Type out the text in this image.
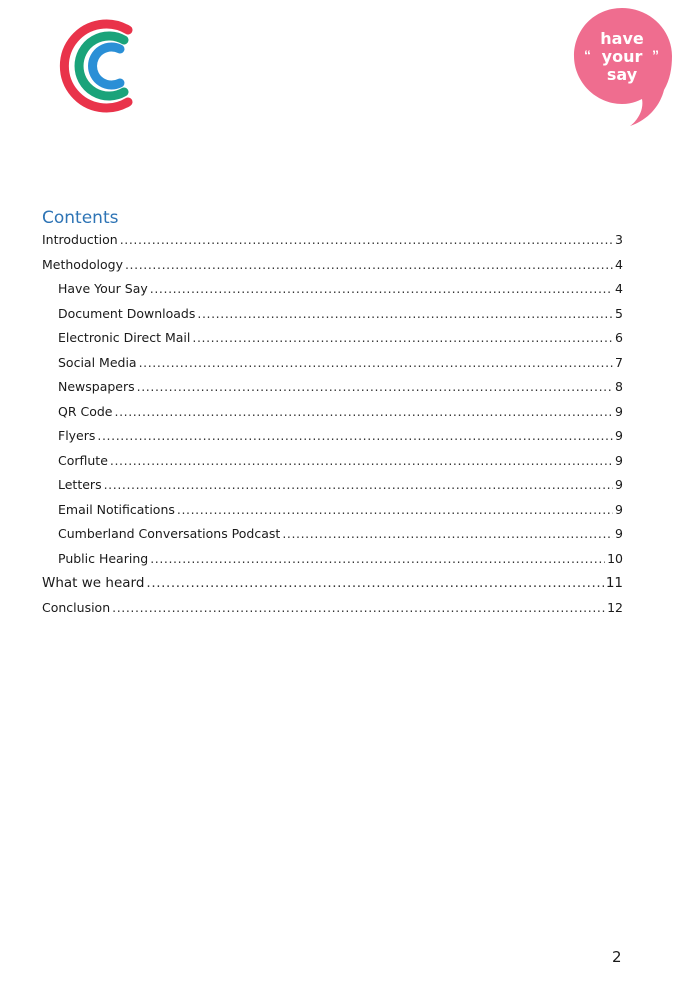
have
your
say
“	”
Contents
Introduction .....	3
Methodology .....	4
Have Your Say .....	4
Document Downloads .....	5
Electronic Direct Mail .....	6
Social Media .....	7
Newspapers .....	8
QR Code .....	9
Flyers .....	9
Corflute .....	9
Letters .....	9
Email Notifications .....	9
Cumberland Conversations Podcast .....	9
Public Hearing .....	10
What we heard .....	11
Conclusion .....	12
2
